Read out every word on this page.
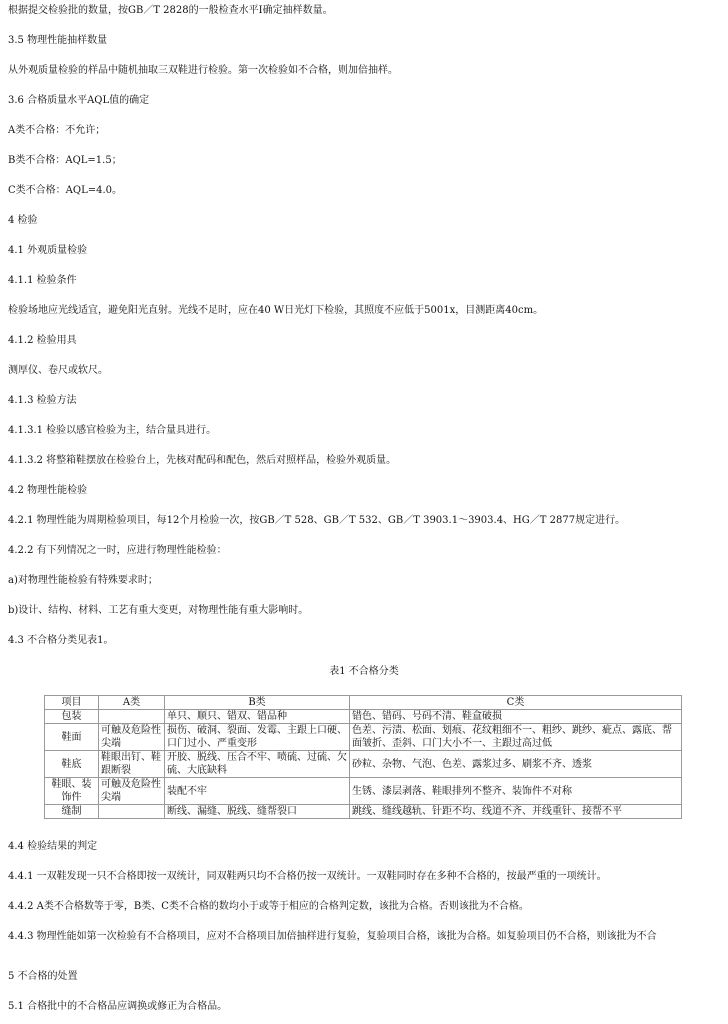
根据提交检验批的数量，按GB／T 2828的一般检查水平I确定抽样数量。
3.5 物理性能抽样数量
从外观质量检验的样品中随机抽取三双鞋进行检验。第一次检验如不合格，则加倍抽样。
3.6 合格质量水平AQL值的确定
A类不合格：不允许；
B类不合格：AQL=1.5；
C类不合格：AQL=4.0。
4 检验
4.1 外观质量检验
4.1.1 检验条件
检验场地应光线适宜，避免阳光直射。光线不足时，应在40 W日光灯下检验，其照度不应低于5001x，目测距离40cm。
4.1.2 检验用具
测厚仪、卷尺或软尺。
4.1.3 检验方法
4.1.3.1 检验以感官检验为主，结合量具进行。
4.1.3.2 将整箱鞋摆放在检验台上，先核对配码和配色，然后对照样品，检验外观质量。
4.2 物理性能检验
4.2.1 物理性能为周期检验项目，每12个月检验一次，按GB／T 528、GB／T 532、GB／T 3903.1～3903.4、HG／T 2877规定进行。
4.2.2 有下列情况之一时，应进行物理性能检验：
a)对物理性能检验有特殊要求时；
b)设计、结构、材料、工艺有重大变更，对物理性能有重大影响时。
4.3 不合格分类见表1。
表1 不合格分类
项目	A类	B类	C类
包装		单只、顺只、错双、错品种	错色、错码、号码不清、鞋盒破损
鞋面	可触及危险性尖端	损伤、破洞、裂面、发霉、主跟上口硬、口门过小、严重变形	色差、污渍、松面、划痕、花纹粗细不一、粗纱、跳纱、疵点、露底、帮面皱折、歪斜、口门大小不一、主跟过高过低
鞋底	鞋眼出钉、鞋跟断裂	开胶、脱线、压合不牢、喷硫、过硫、欠硫、大底缺料	砂粒、杂物、气泡、色差、露浆过多、刷浆不齐、透浆
鞋眼、装饰件	可触及危险性尖端	装配不牢	生锈、漆层剥落、鞋眼排列不整齐、装饰件不对称
缝制		断线、漏缝、脱线、缝帮裂口	跳线、缝线越轨、针距不均、线道不齐、并线重针、接帮不平
4.4 检验结果的判定
4.4.1 一双鞋发现一只不合格即按一双统计，同双鞋两只均不合格仍按一双统计。一双鞋同时存在多种不合格的，按最严重的一项统计。
4.4.2 A类不合格数等于零，B类、C类不合格的数均小于或等于相应的合格判定数，该批为合格。否则该批为不合格。
4.4.3 物理性能如第一次检验有不合格项目，应对不合格项目加倍抽样进行复验，复验项目合格，该批为合格。如复验项目仍不合格，则该批为不合
5 不合格的处置
5.1 合格批中的不合格品应调换或修正为合格品。
